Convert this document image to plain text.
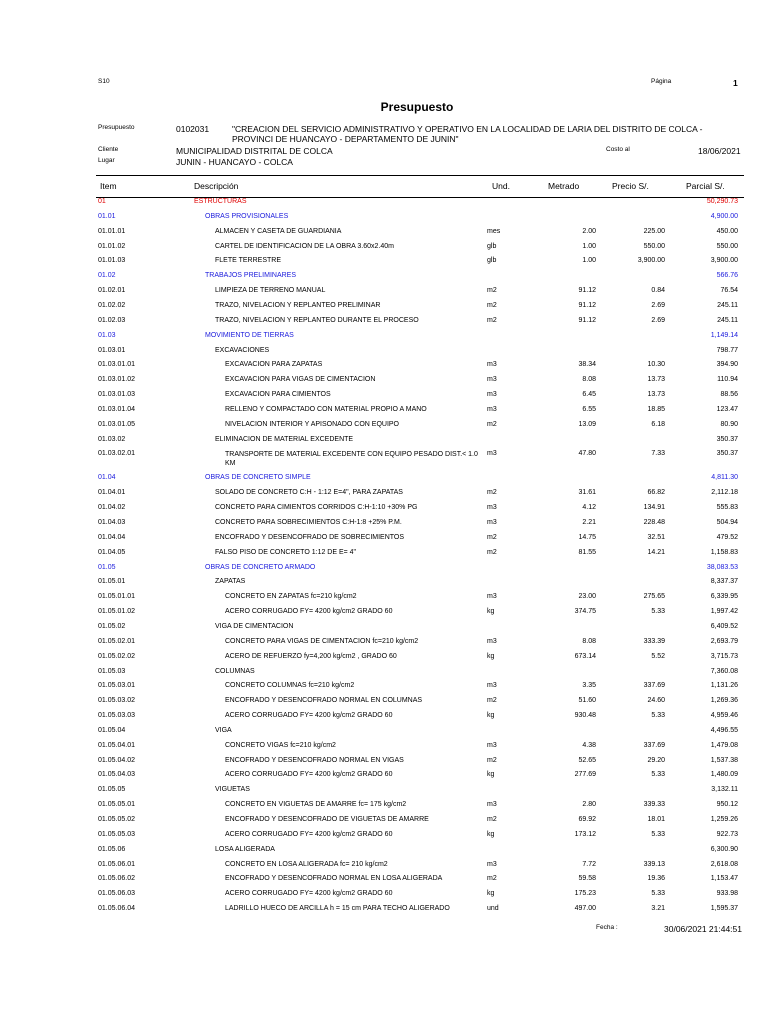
S10	Página	1
Presupuesto
Presupuesto	0102031	"CREACION DEL SERVICIO ADMINISTRATIVO Y OPERATIVO EN LA LOCALIDAD DE LARIA DEL DISTRITO DE COLCA - PROVINCI DE HUANCAYO - DEPARTAMENTO DE JUNIN"
Cliente	MUNICIPALIDAD DISTRITAL DE COLCA	Costo al	18/06/2021
Lugar	JUNIN - HUANCAYO - COLCA
Item	Descripción	Und.	Metrado	Precio S/.	Parcial S/.
01	ESTRUCTURAS	50,290.73
01.01	OBRAS PROVISIONALES	4,900.00
01.01.01	ALMACEN Y CASETA DE GUARDIANIA	mes	2.00	225.00	450.00
01.01.02	CARTEL DE IDENTIFICACION DE LA OBRA 3.60x2.40m	glb	1.00	550.00	550.00
01.01.03	FLETE TERRESTRE	glb	1.00	3,900.00	3,900.00
01.02	TRABAJOS PRELIMINARES	566.76
01.02.01	LIMPIEZA DE TERRENO MANUAL	m2	91.12	0.84	76.54
01.02.02	TRAZO, NIVELACION Y REPLANTEO PRELIMINAR	m2	91.12	2.69	245.11
01.02.03	TRAZO, NIVELACION Y REPLANTEO DURANTE EL PROCESO	m2	91.12	2.69	245.11
01.03	MOVIMIENTO DE TIERRAS	1,149.14
01.03.01	EXCAVACIONES	798.77
01.03.01.01	EXCAVACION PARA ZAPATAS	m3	38.34	10.30	394.90
01.03.01.02	EXCAVACION PARA VIGAS DE CIMENTACION	m3	8.08	13.73	110.94
01.03.01.03	EXCAVACION PARA CIMIENTOS	m3	6.45	13.73	88.56
01.03.01.04	RELLENO Y COMPACTADO CON MATERIAL PROPIO A MANO	m3	6.55	18.85	123.47
01.03.01.05	NIVELACION INTERIOR Y APISONADO CON EQUIPO	m2	13.09	6.18	80.90
01.03.02	ELIMINACION DE MATERIAL EXCEDENTE	350.37
01.03.02.01	TRANSPORTE DE MATERIAL EXCEDENTE CON EQUIPO PESADO DIST.< 1.0 KM
m3	47.80	7.33	350.37
01.04	OBRAS DE CONCRETO SIMPLE	4,811.30
01.04.01	SOLADO DE CONCRETO C:H - 1:12 E=4", PARA ZAPATAS	m2	31.61	66.82	2,112.18
01.04.02	CONCRETO PARA CIMIENTOS CORRIDOS C:H-1:10 +30% PG	m3	4.12	134.91	555.83
01.04.03	CONCRETO PARA SOBRECIMIENTOS C:H-1:8 +25% P.M.	m3	2.21	228.48	504.94
01.04.04	ENCOFRADO Y DESENCOFRADO DE SOBRECIMIENTOS	m2	14.75	32.51	479.52
01.04.05	FALSO PISO DE CONCRETO 1:12 DE E= 4"	m2	81.55	14.21	1,158.83
01.05	OBRAS DE CONCRETO ARMADO	38,083.53
01.05.01	ZAPATAS	8,337.37
01.05.01.01	CONCRETO EN ZAPATAS fc=210 kg/cm2	m3	23.00	275.65	6,339.95
01.05.01.02	ACERO CORRUGADO FY= 4200 kg/cm2 GRADO 60	kg	374.75	5.33	1,997.42
01.05.02	VIGA DE CIMENTACION	6,409.52
01.05.02.01	CONCRETO PARA VIGAS DE CIMENTACION fc=210 kg/cm2	m3	8.08	333.39	2,693.79
01.05.02.02	ACERO DE REFUERZO fy=4,200 kg/cm2 , GRADO 60	kg	673.14	5.52	3,715.73
01.05.03	COLUMNAS	7,360.08
01.05.03.01	CONCRETO COLUMNAS fc=210 kg/cm2	m3	3.35	337.69	1,131.26
01.05.03.02	ENCOFRADO Y DESENCOFRADO NORMAL EN COLUMNAS	m2	51.60	24.60	1,269.36
01.05.03.03	ACERO CORRUGADO FY= 4200 kg/cm2 GRADO 60	kg	930.48	5.33	4,959.46
01.05.04	VIGA	4,496.55
01.05.04.01	CONCRETO VIGAS fc=210 kg/cm2	m3	4.38	337.69	1,479.08
01.05.04.02	ENCOFRADO Y DESENCOFRADO NORMAL EN VIGAS	m2	52.65	29.20	1,537.38
01.05.04.03	ACERO CORRUGADO FY= 4200 kg/cm2 GRADO 60	kg	277.69	5.33	1,480.09
01.05.05	VIGUETAS	3,132.11
01.05.05.01	CONCRETO EN VIGUETAS DE AMARRE fc= 175 kg/cm2	m3	2.80	339.33	950.12
01.05.05.02	ENCOFRADO Y DESENCOFRADO DE VIGUETAS DE AMARRE	m2	69.92	18.01	1,259.26
01.05.05.03	ACERO CORRUGADO FY= 4200 kg/cm2 GRADO 60	kg	173.12	5.33	922.73
01.05.06	LOSA ALIGERADA	6,300.90
01.05.06.01	CONCRETO EN LOSA ALIGERADA fc= 210 kg/cm2	m3	7.72	339.13	2,618.08
01.05.06.02	ENCOFRADO Y DESENCOFRADO NORMAL EN LOSA ALIGERADA	m2	59.58	19.36	1,153.47
01.05.06.03	ACERO CORRUGADO FY= 4200 kg/cm2 GRADO 60	kg	175.23	5.33	933.98
01.05.06.04	LADRILLO HUECO DE ARCILLA h = 15 cm PARA TECHO ALIGERADO	und	497.00	3.21	1,595.37
Fecha :	30/06/2021 21:44:51
